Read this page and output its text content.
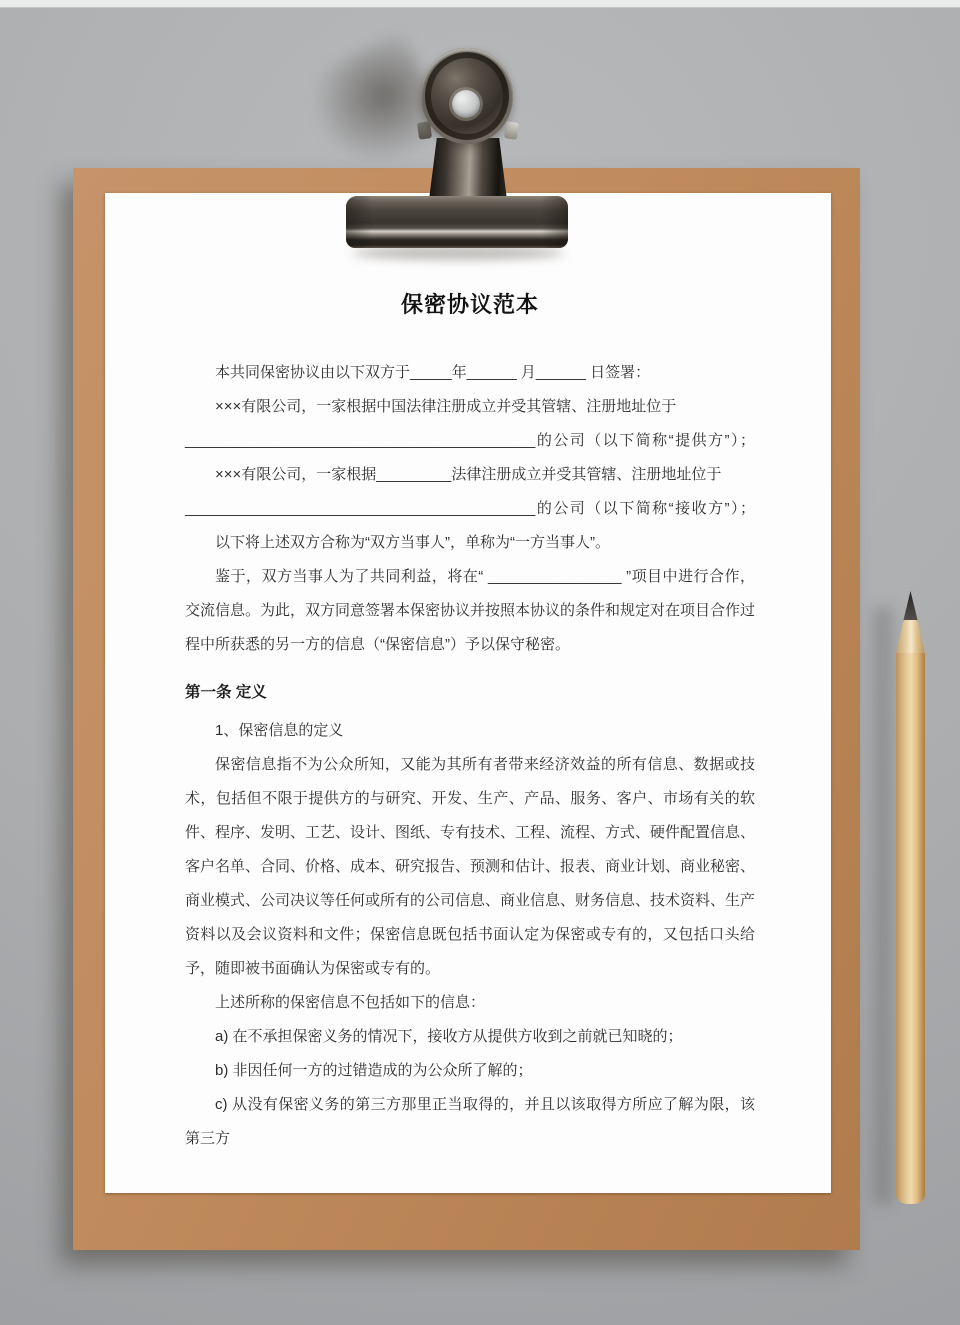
保密协议范本

本共同保密协议由以下双方于_____年______ 月______ 日签署：

×××有限公司，一家根据中国法律注册成立并受其管辖、注册地址位于

__________________________________________的公司（以下简称“提供方”）；

×××有限公司，一家根据_________法律注册成立并受其管辖、注册地址位于

__________________________________________的公司（以下简称“接收方”）；

以下将上述双方合称为“双方当事人”，单称为“一方当事人”。

鉴于，双方当事人为了共同利益，将在“ ________________ ”项目中进行合作，交流信息。为此，双方同意签署本保密协议并按照本协议的条件和规定对在项目合作过程中所获悉的另一方的信息（“保密信息”）予以保守秘密。

第一条 定义

1、保密信息的定义

保密信息指不为公众所知，又能为其所有者带来经济效益的所有信息、数据或技术，包括但不限于提供方的与研究、开发、生产、产品、服务、客户、市场有关的软件、程序、发明、工艺、设计、图纸、专有技术、工程、流程、方式、硬件配置信息、客户名单、合同、价格、成本、研究报告、预测和估计、报表、商业计划、商业秘密、商业模式、公司决议等任何或所有的公司信息、商业信息、财务信息、技术资料、生产资料以及会议资料和文件；保密信息既包括书面认定为保密或专有的，又包括口头给予，随即被书面确认为保密或专有的。

上述所称的保密信息不包括如下的信息：

a) 在不承担保密义务的情况下，接收方从提供方收到之前就已知晓的；

b) 非因任何一方的过错造成的为公众所了解的；

c) 从没有保密义务的第三方那里正当取得的，并且以该取得方所应了解为限，该第三方
